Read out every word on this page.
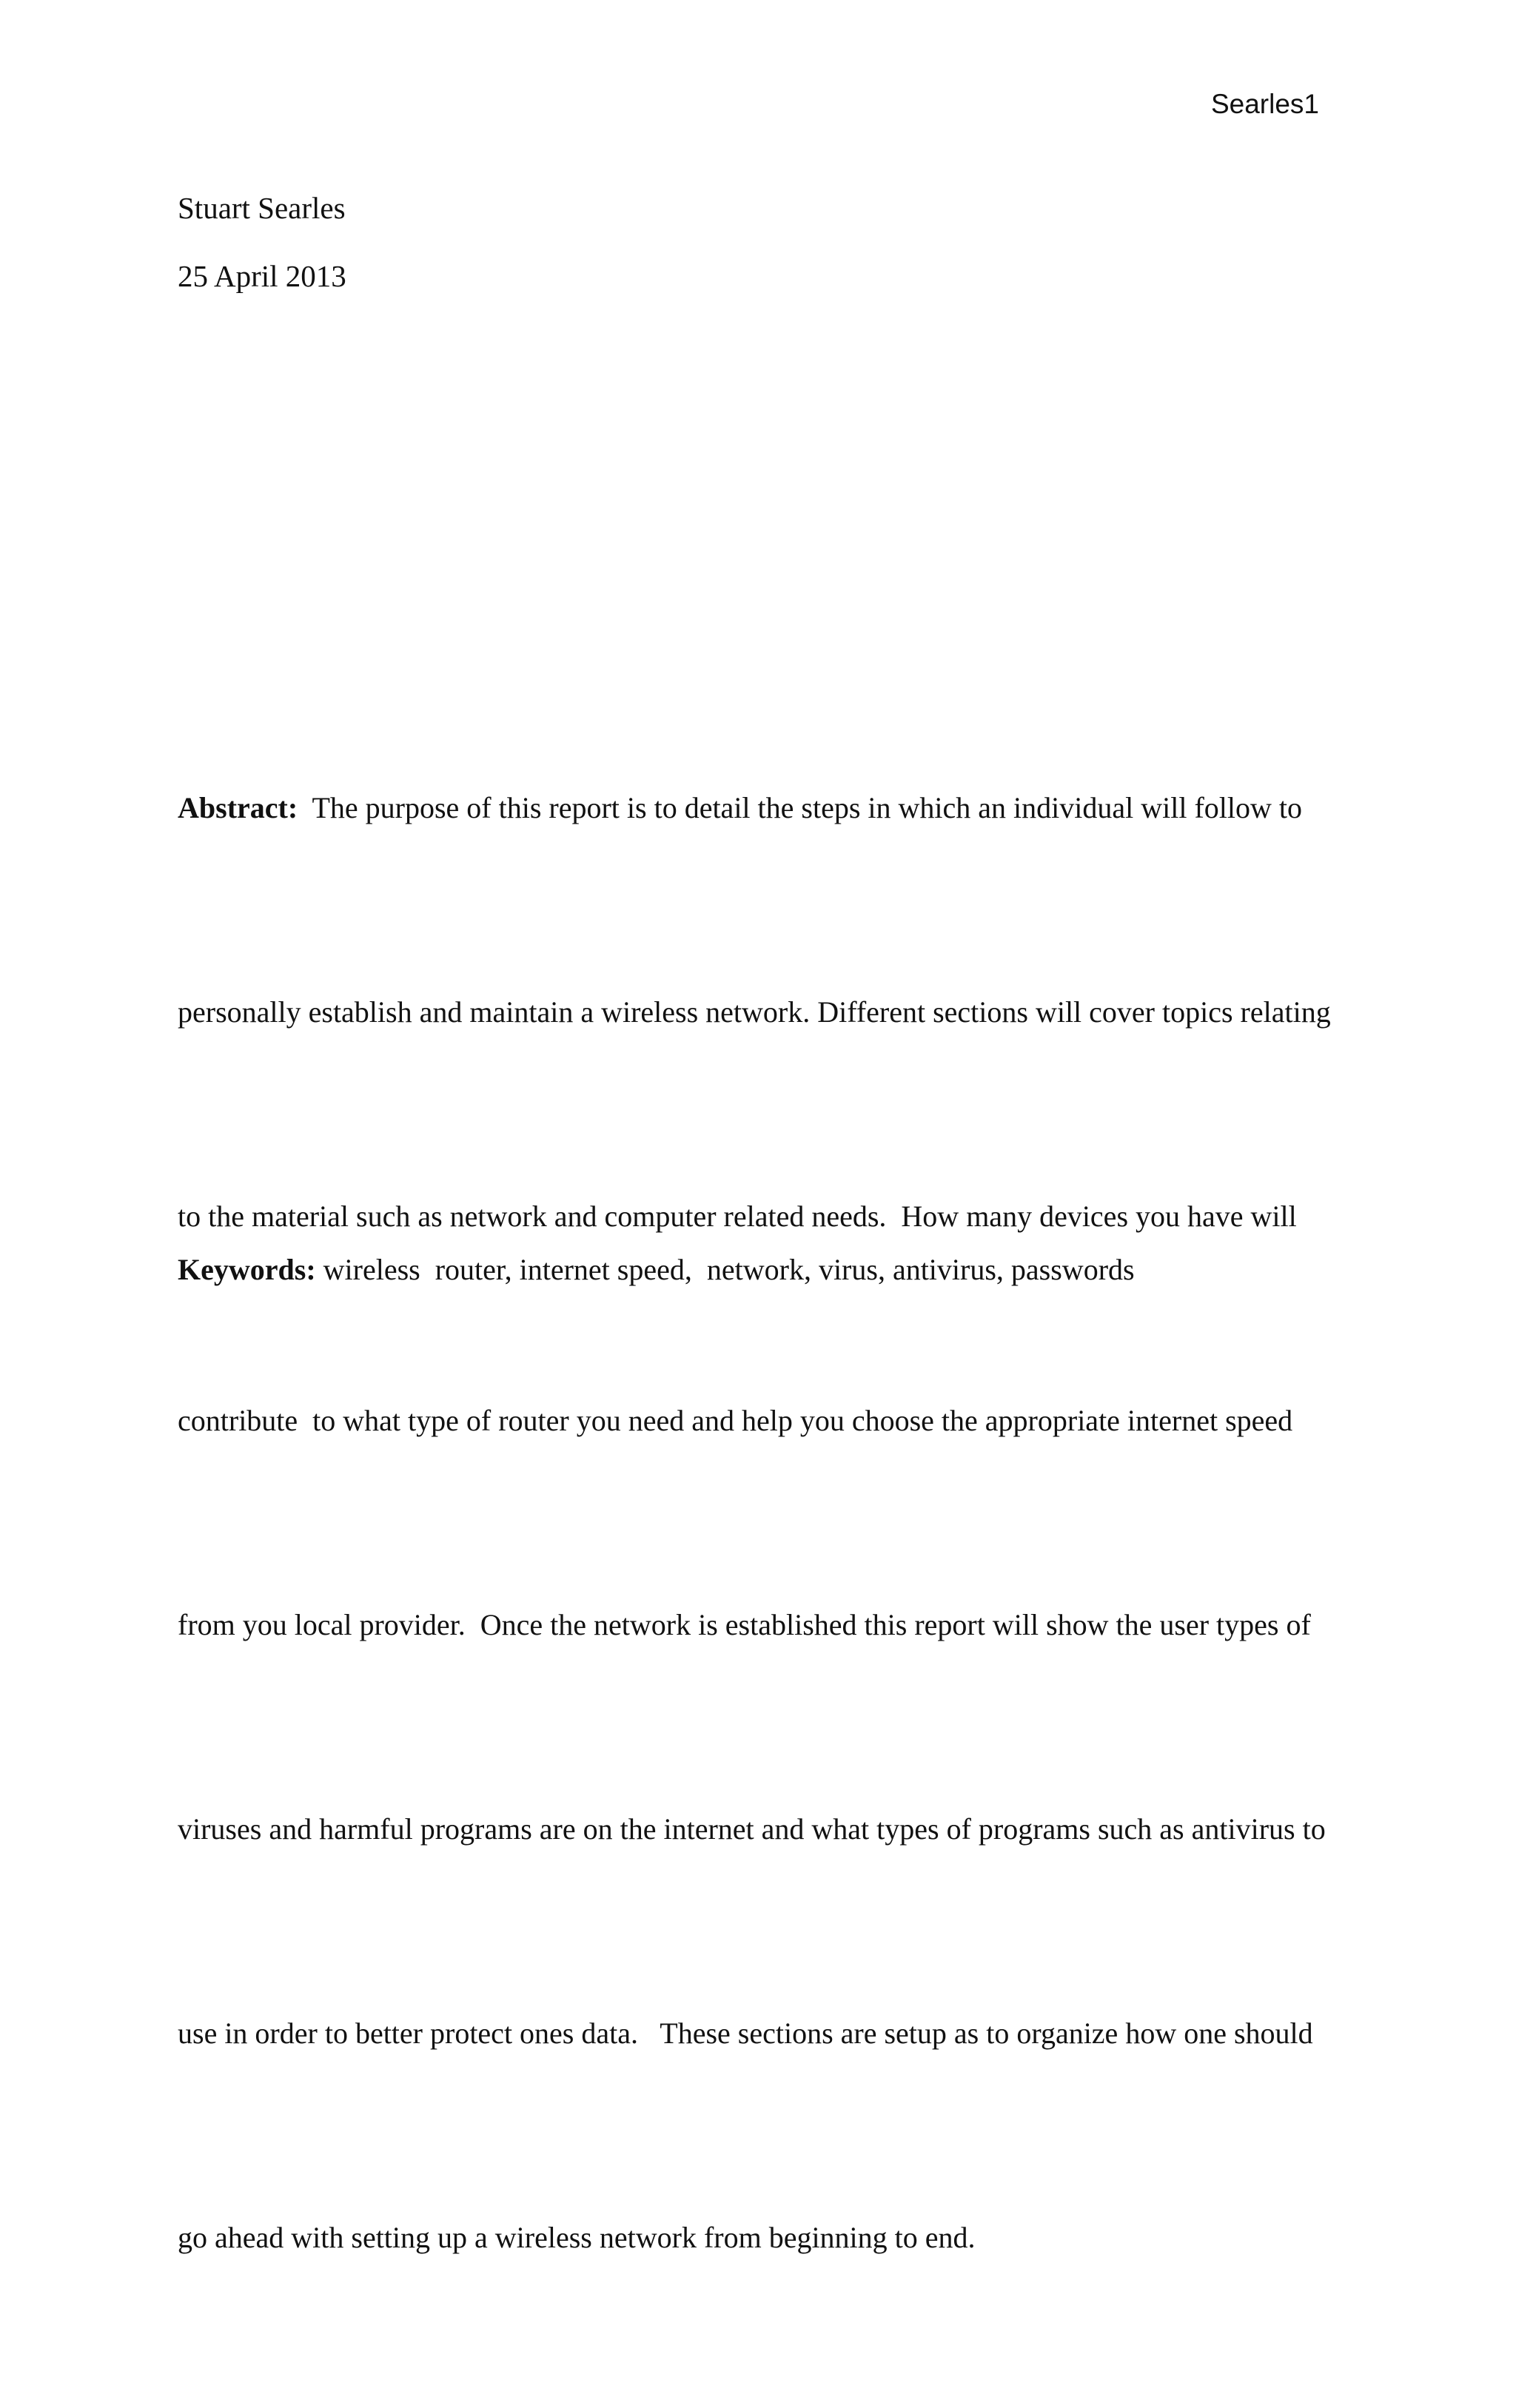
Searles1
Stuart Searles
25 April 2013

Abstract:  The purpose of this report is to detail the steps in which an individual will follow to

personally establish and maintain a wireless network. Different sections will cover topics relating

to the material such as network and computer related needs.  How many devices you have will

contribute  to what type of router you need and help you choose the appropriate internet speed

from you local provider.  Once the network is established this report will show the user types of

viruses and harmful programs are on the internet and what types of programs such as antivirus to

use in order to better protect ones data.   These sections are setup as to organize how one should

go ahead with setting up a wireless network from beginning to end.

Keywords: wireless  router, internet speed,  network, virus, antivirus, passwords
